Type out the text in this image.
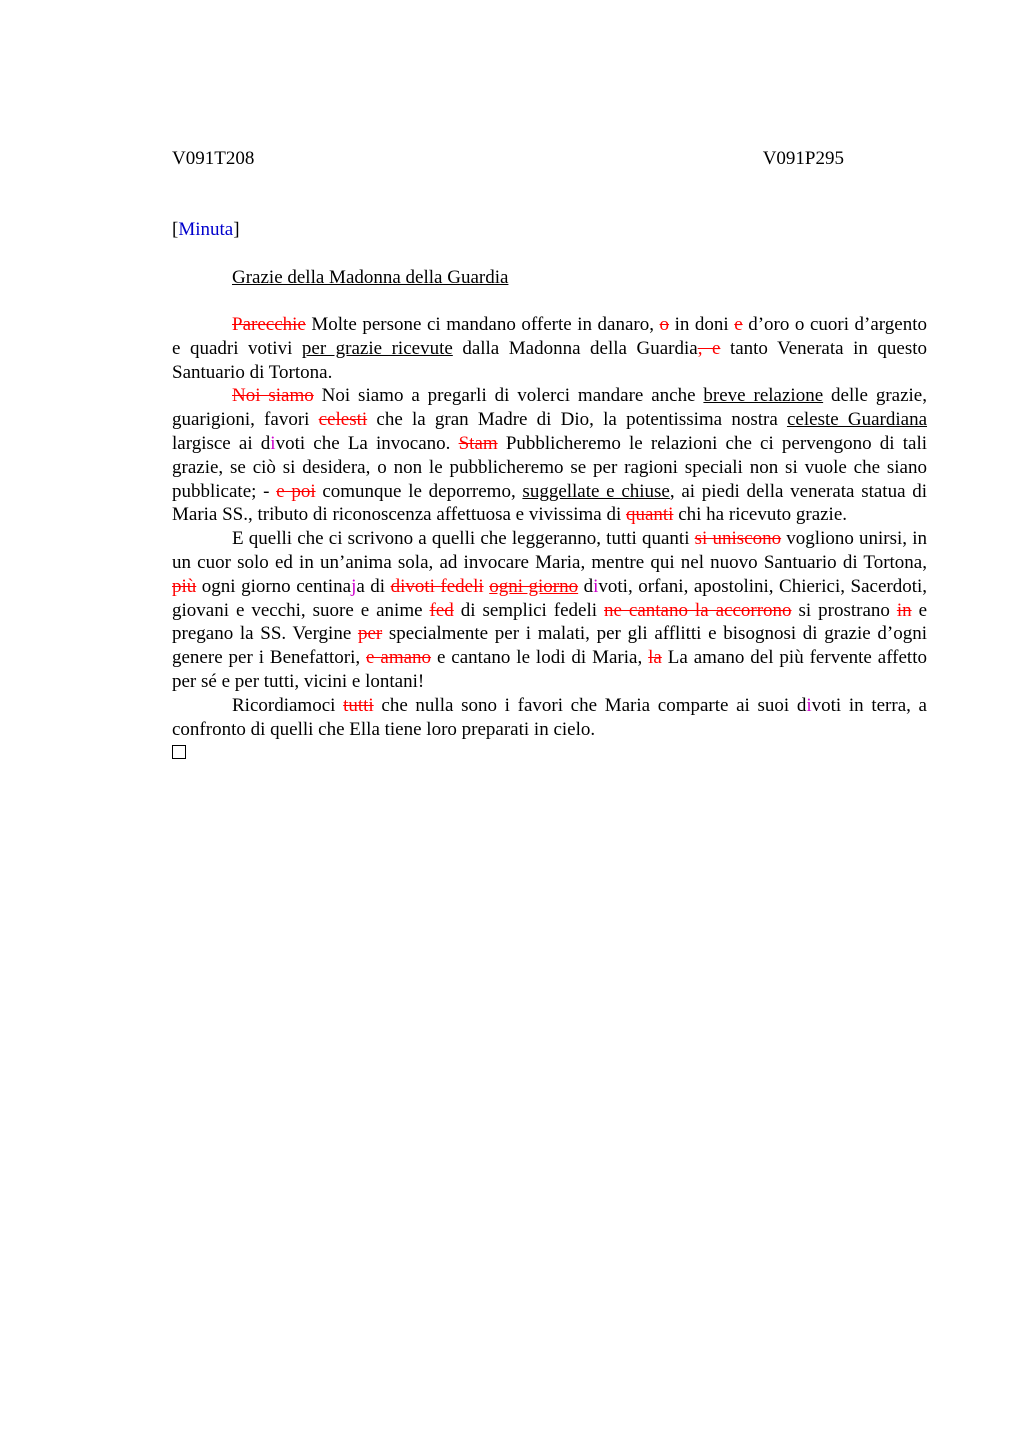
V091T208	V091P295
[Minuta]
Grazie della Madonna della Guardia

Parecchie Molte persone ci mandano offerte in danaro, o in doni e d’oro o cuori d’argento e quadri votivi per grazie ricevute dalla Madonna della Guardia, e tanto Venerata in questo Santuario di Tortona.

Noi siamo Noi siamo a pregarli di volerci mandare anche breve relazione delle grazie, guarigioni, favori celesti che la gran Madre di Dio, la potentissima nostra celeste Guardiana largisce ai divoti che La invocano. Stam Pubblicheremo le relazioni che ci pervengono di tali grazie, se ciò si desidera, o non le pubblicheremo se per ragioni speciali non si vuole che siano pubblicate; - e poi comunque le deporremo, suggellate e chiuse, ai piedi della venerata statua di Maria SS., tributo di riconoscenza affettuosa e vivissima di quanti chi ha ricevuto grazie.

E quelli che ci scrivono a quelli che leggeranno, tutti quanti si uniscono vogliono unirsi, in un cuor solo ed in un’anima sola, ad invocare Maria, mentre qui nel nuovo Santuario di Tortona, più ogni giorno centinaja di divoti fedeli ogni giorno divoti, orfani, apostolini, Chierici, Sacerdoti, giovani e vecchi, suore e anime fed di semplici fedeli ne cantano la accorrono si prostrano in e pregano la SS. Vergine per specialmente per i malati, per gli afflitti e bisognosi di grazie d’ogni genere per i Benefattori, e amano e cantano le lodi di Maria, la La amano del più fervente affetto per sé e per tutti, vicini e lontani!

Ricordiamoci tutti che nulla sono i favori che Maria comparte ai suoi divoti in terra, a confronto di quelli che Ella tiene loro preparati in cielo.
